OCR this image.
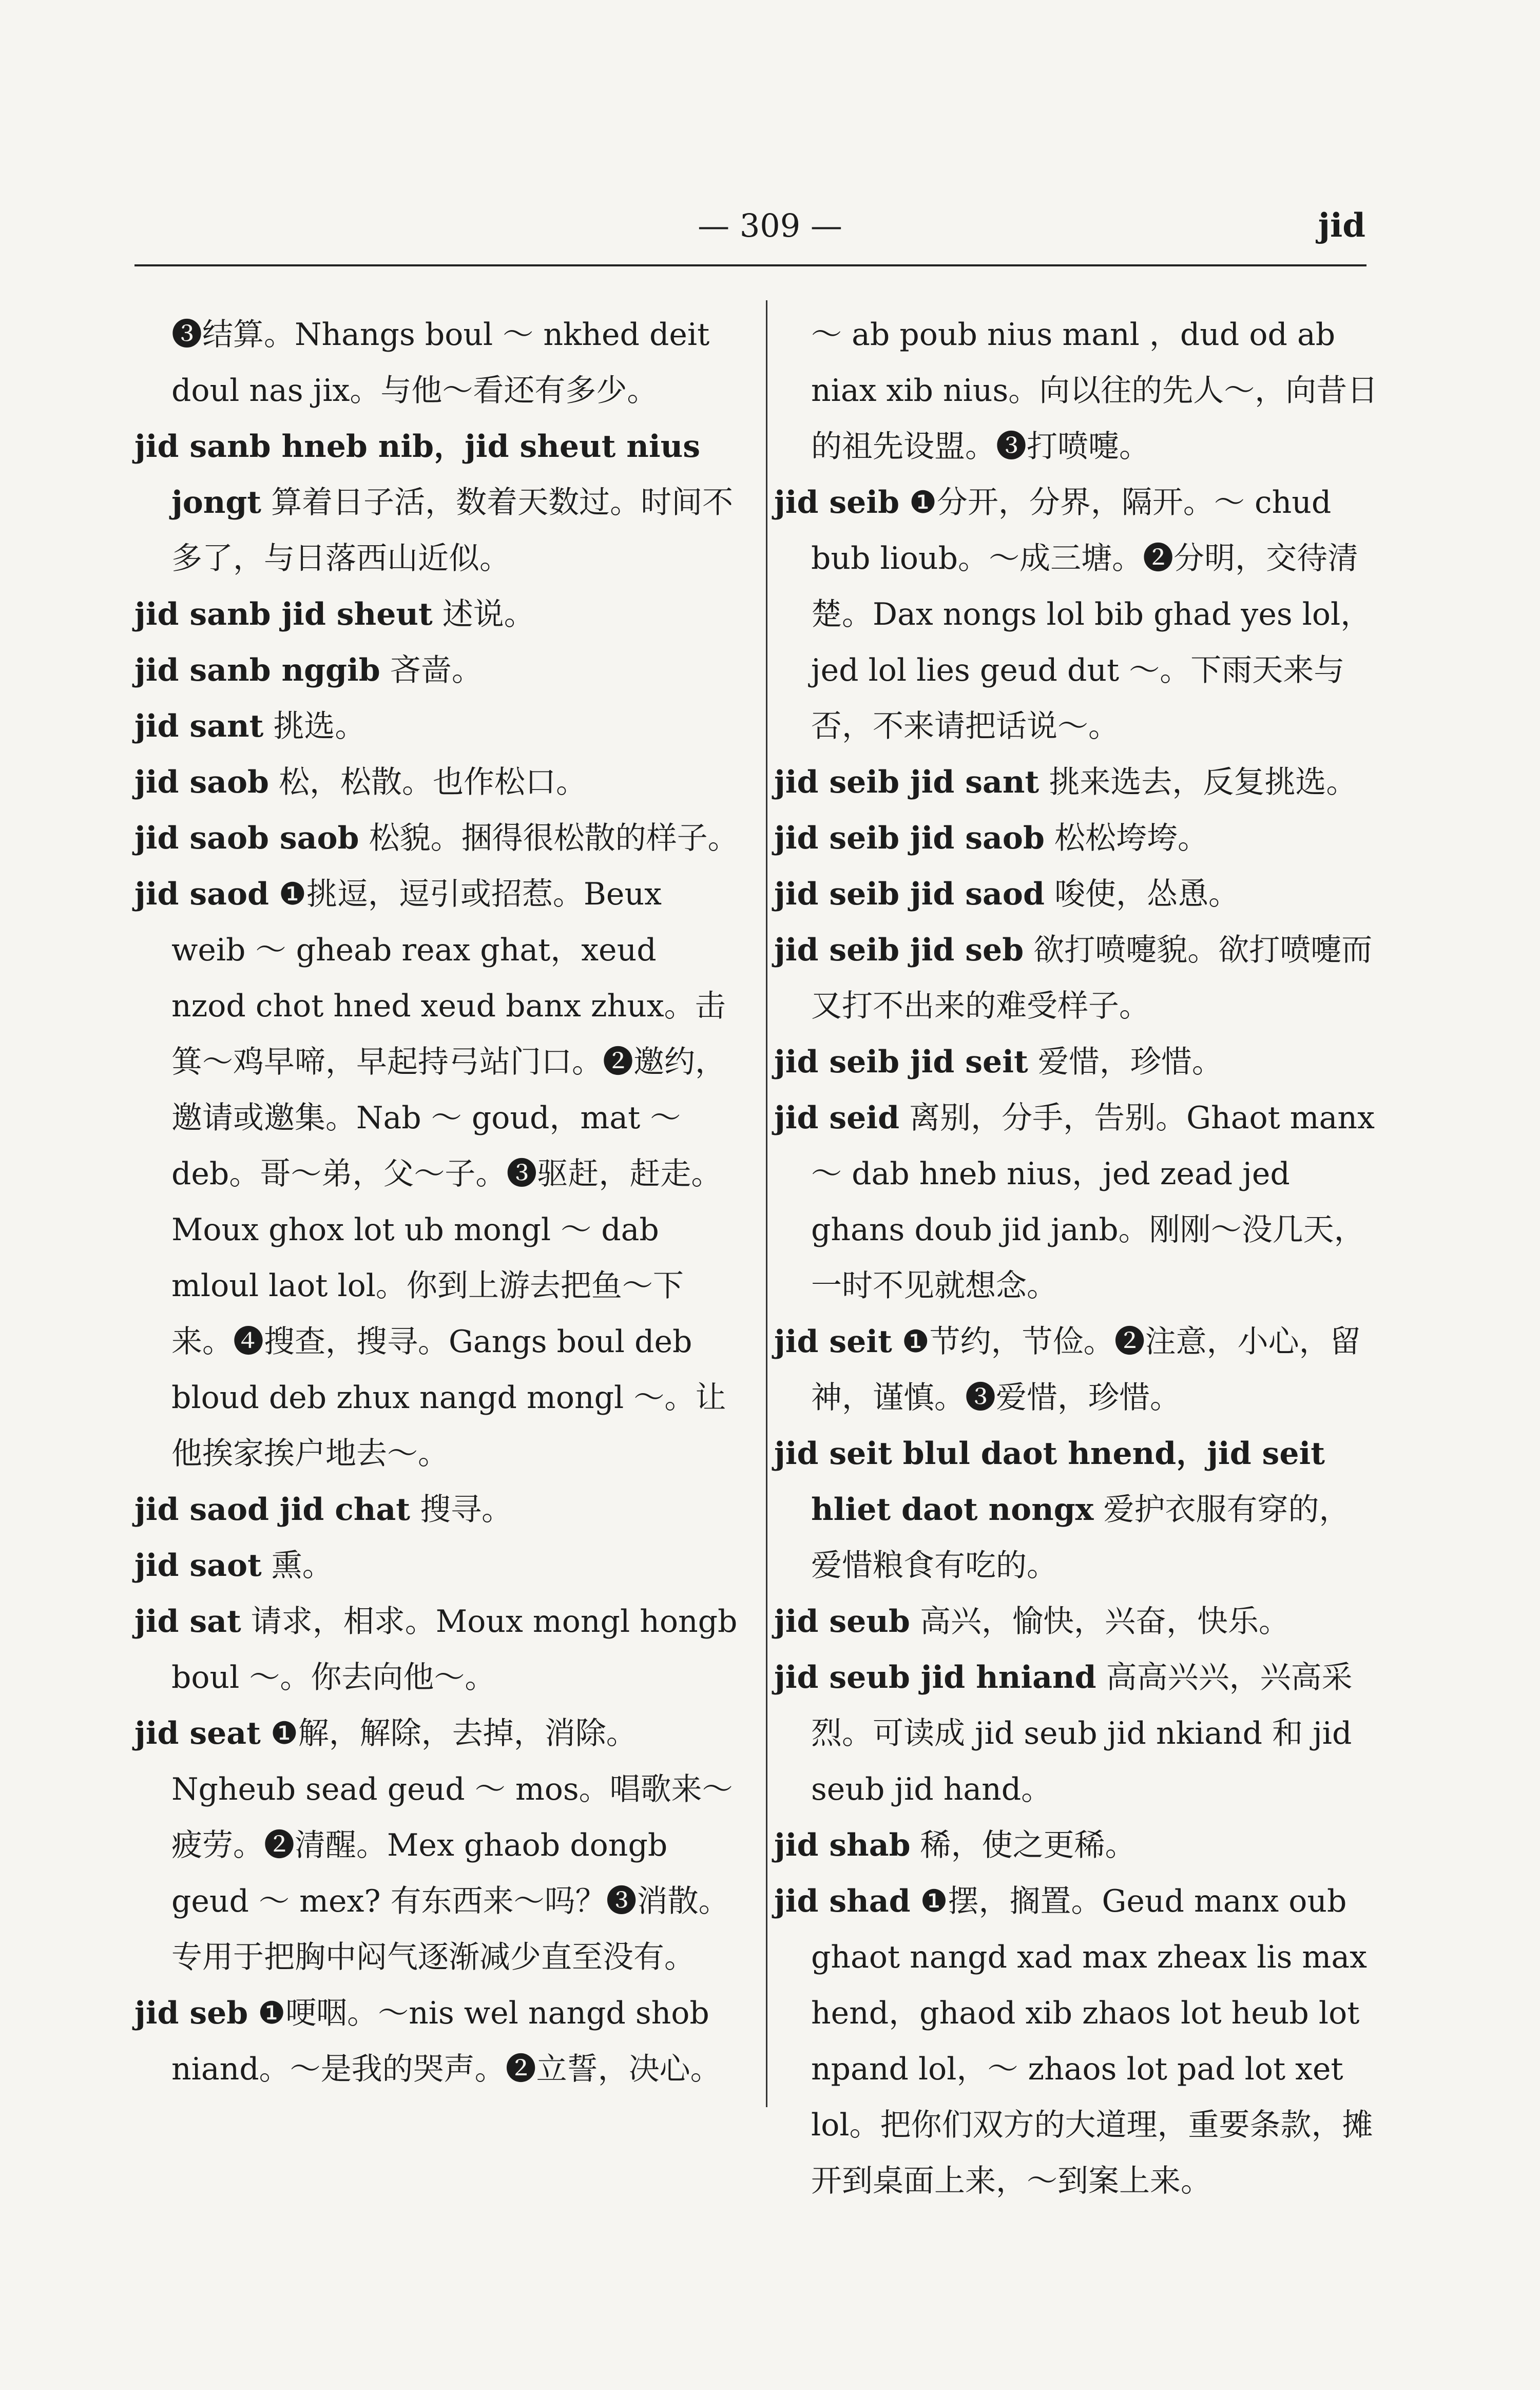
— 309 —	jid

❸结算。Nhangs boul ～ nkhed deit doul nas jix。与他～看还有多少。

jid sanb hneb nib，jid sheut nius jongt 算着日子活，数着天数过。时间不多了，与日落西山近似。

jid sanb jid sheut 述说。

jid sanb nggib 吝啬。

jid sant 挑选。

jid saob 松，松散。也作松口。

jid saob saob 松貌。捆得很松散的样子。

jid saod ❶挑逗，逗引或招惹。Beux weib ～ gheab reax ghat，xeud nzod chot hned xeud banx zhux。击箕～鸡早啼，早起持弓站门口。❷邀约，邀请或邀集。Nab ～ goud，mat ～ deb。哥～弟，父～子。❸驱赶，赶走。Moux ghox lot ub mongl ～ dab mloul laot lol。你到上游去把鱼～下来。❹搜查，搜寻。Gangs boul deb bloud deb zhux nangd mongl ～。让他挨家挨户地去～。

jid saod jid chat 搜寻。

jid saot 熏。

jid sat 请求，相求。Moux mongl hongb boul ～。你去向他～。

jid seat ❶解，解除，去掉，消除。Ngheub sead geud ～ mos。唱歌来～疲劳。❷清醒。Mex ghaob dongb geud ～ mex? 有东西来～吗？❸消散。专用于把胸中闷气逐渐减少直至没有。

jid seb ❶哽咽。～nis wel nangd shob niand。～是我的哭声。❷立誓，决心。

～ ab poub nius manl ，dud od ab niax xib nius。向以往的先人～，向昔日的祖先设盟。❸打喷嚏。

jid seib ❶分开，分界，隔开。～ chud bub lioub。～成三塘。❷分明，交待清楚。Dax nongs lol bib ghad yes lol，jed lol lies geud dut ～。下雨天来与否，不来请把话说～。

jid seib jid sant 挑来选去，反复挑选。

jid seib jid saob 松松垮垮。

jid seib jid saod 唆使，怂恿。

jid seib jid seb 欲打喷嚏貌。欲打喷嚏而又打不出来的难受样子。

jid seib jid seit 爱惜，珍惜。

jid seid 离别，分手，告别。Ghaot manx ～ dab hneb nius，jed zead jed ghans doub jid janb。刚刚～没几天，一时不见就想念。

jid seit ❶节约，节俭。❷注意，小心，留神，谨慎。❸爱惜，珍惜。

jid seit blul daot hnend，jid seit hliet daot nongx 爱护衣服有穿的，爱惜粮食有吃的。

jid seub 高兴，愉快，兴奋，快乐。

jid seub jid hniand 高高兴兴，兴高采烈。可读成 jid seub jid nkiand 和 jid seub jid hand。

jid shab 稀，使之更稀。

jid shad ❶摆，搁置。Geud manx oub ghaot nangd xad max zheax lis max hend，ghaod xib zhaos lot heub lot npand lol，～ zhaos lot pad lot xet lol。把你们双方的大道理，重要条款，摊开到桌面上来，～到案上来。
